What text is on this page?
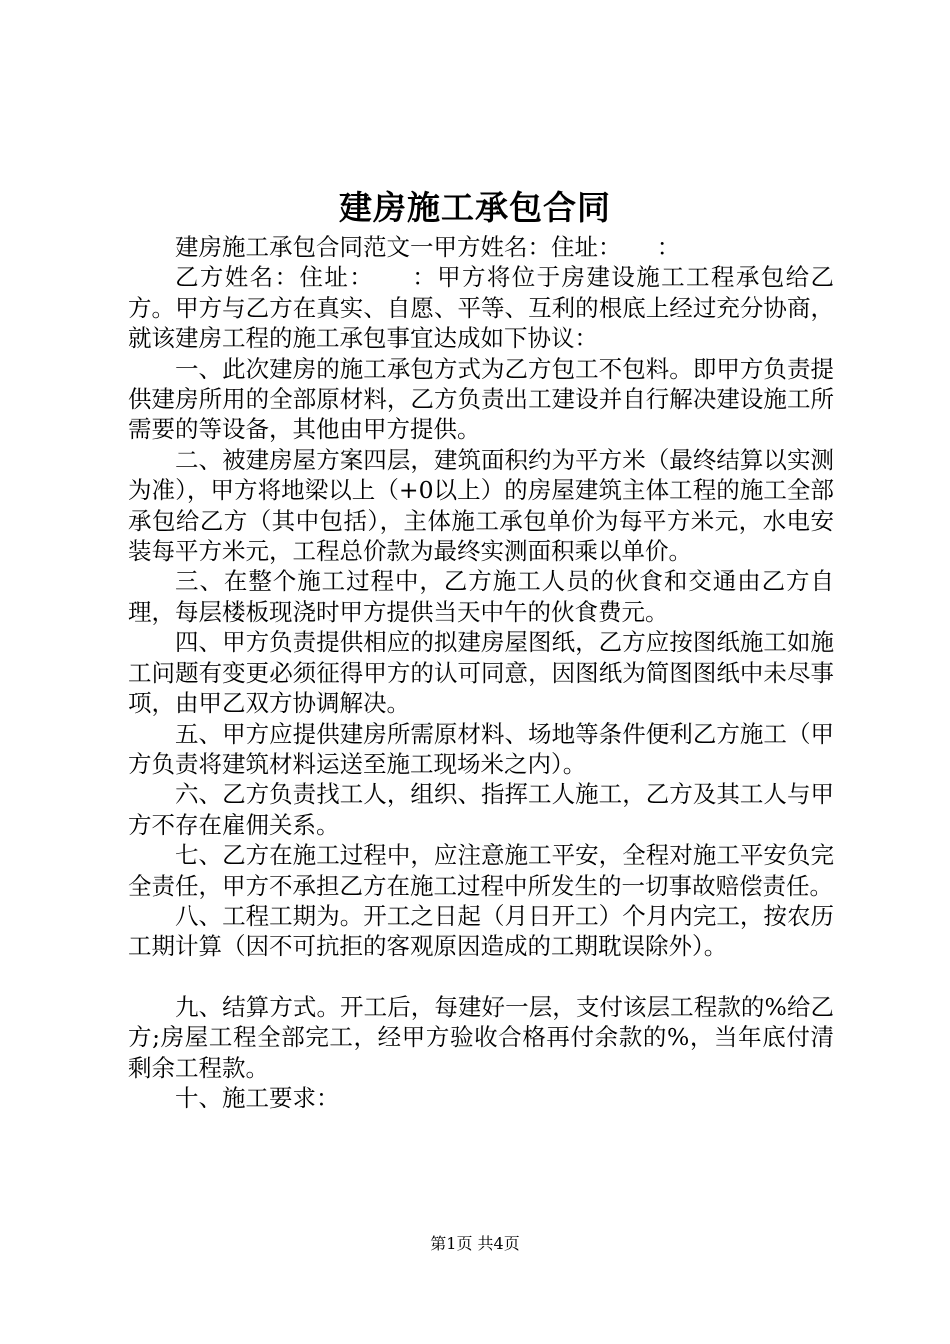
建房施工承包合同

建房施工承包合同范文一甲方姓名：住址：　　：

乙方姓名：住址：　　：甲方将位于房建设施工工程承包给乙方。甲方与乙方在真实、自愿、平等、互利的根底上经过充分协商，就该建房工程的施工承包事宜达成如下协议：

一、此次建房的施工承包方式为乙方包工不包料。即甲方负责提供建房所用的全部原材料，乙方负责出工建设并自行解决建设施工所需要的等设备，其他由甲方提供。

二、被建房屋方案四层，建筑面积约为平方米（最终结算以实测为准），甲方将地梁以上（+0以上）的房屋建筑主体工程的施工全部承包给乙方（其中包括），主体施工承包单价为每平方米元，水电安装每平方米元，工程总价款为最终实测面积乘以单价。

三、在整个施工过程中，乙方施工人员的伙食和交通由乙方自理，每层楼板现浇时甲方提供当天中午的伙食费元。

四、甲方负责提供相应的拟建房屋图纸，乙方应按图纸施工如施工问题有变更必须征得甲方的认可同意，因图纸为简图图纸中未尽事项，由甲乙双方协调解决。

五、甲方应提供建房所需原材料、场地等条件便利乙方施工（甲方负责将建筑材料运送至施工现场米之内）。

六、乙方负责找工人，组织、指挥工人施工，乙方及其工人与甲方不存在雇佣关系。

七、乙方在施工过程中，应注意施工平安，全程对施工平安负完全责任，甲方不承担乙方在施工过程中所发生的一切事故赔偿责任。

八、工程工期为。开工之日起（月日开工）个月内完工，按农历工期计算（因不可抗拒的客观原因造成的工期耽误除外）。

九、结算方式。开工后，每建好一层，支付该层工程款的%给乙方;房屋工程全部完工，经甲方验收合格再付余款的%，当年底付清剩余工程款。

十、施工要求：

第1页 共4页
